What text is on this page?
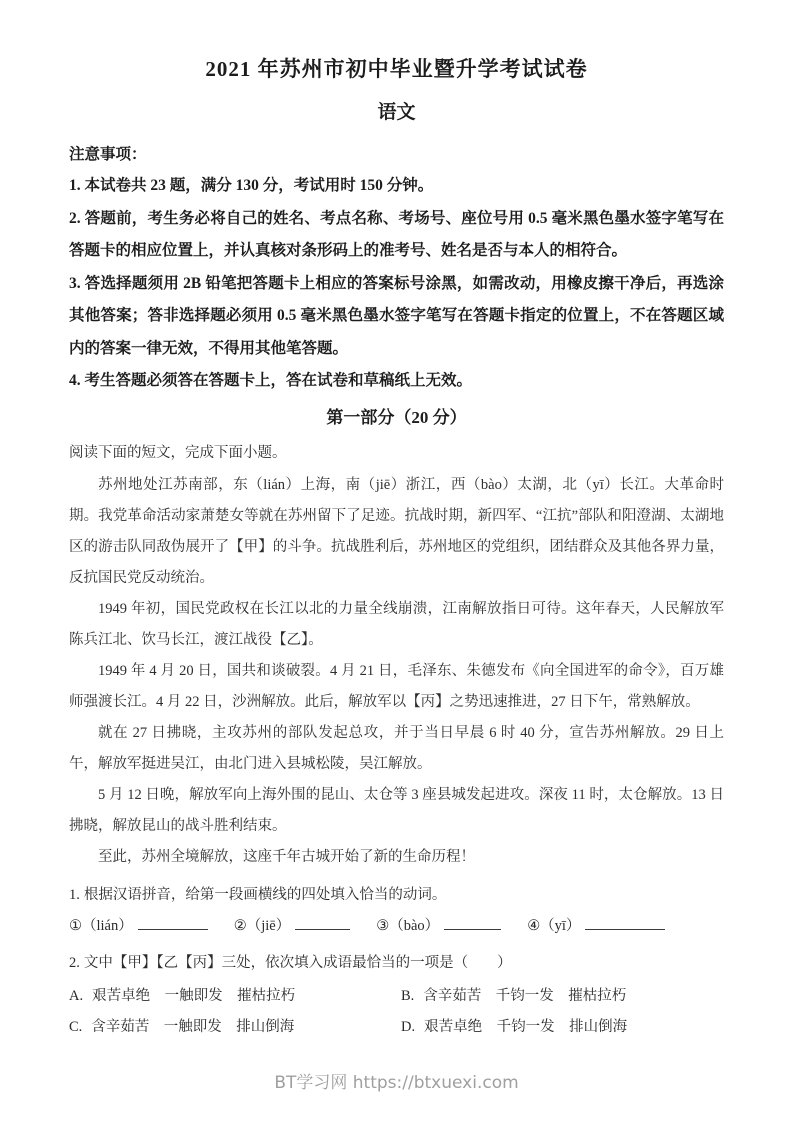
2021 年苏州市初中毕业暨升学考试试卷
语文
注意事项：

1. 本试卷共 23 题，满分 130 分，考试用时 150 分钟。

2. 答题前，考生务必将自己的姓名、考点名称、考场号、座位号用 0.5 毫米黑色墨水签字笔写在答题卡的相应位置上，并认真核对条形码上的准考号、姓名是否与本人的相符合。

3. 答选择题须用 2B 铅笔把答题卡上相应的答案标号涂黑，如需改动，用橡皮擦干净后，再选涂其他答案；答非选择题必须用 0.5 毫米黑色墨水签字笔写在答题卡指定的位置上，不在答题区域内的答案一律无效，不得用其他笔答题。

4. 考生答题必须答在答题卡上，答在试卷和草稿纸上无效。

第一部分（20 分）

阅读下面的短文，完成下面小题。

苏州地处江苏南部，东（lián）上海，南（jiē）浙江，西（bào）太湖，北（yī）长江。大革命时期。我党革命活动家萧楚女等就在苏州留下了足迹。抗战时期，新四军、“江抗”部队和阳澄湖、太湖地区的游击队同敌伪展开了【甲】的斗争。抗战胜利后，苏州地区的党组织，团结群众及其他各界力量，反抗国民党反动统治。

1949 年初，国民党政权在长江以北的力量全线崩溃，江南解放指日可待。这年春天，人民解放军陈兵江北、饮马长江，渡江战役【乙】。

1949 年 4 月 20 日，国共和谈破裂。4 月 21 日，毛泽东、朱德发布《向全国进军的命令》，百万雄师强渡长江。4 月 22 日，沙洲解放。此后，解放军以【丙】之势迅速推进，27 日下午，常熟解放。

就在 27 日拂晓，主攻苏州的部队发起总攻，并于当日早晨 6 时 40 分，宣告苏州解放。29 日上午，解放军挺进吴江，由北门进入县城松陵，吴江解放。

5 月 12 日晚，解放军向上海外围的昆山、太仓等 3 座县城发起进攻。深夜 11 时，太仓解放。13 日拂晓，解放昆山的战斗胜利结束。

至此，苏州全境解放，这座千年古城开始了新的生命历程！

1. 根据汉语拼音，给第一段画横线的四处填入恰当的动词。

①（lián）	②（jiē）	③（bào）	④（yī）

2. 文中【甲】【乙【丙】三处，依次填入成语最恰当的一项是（　　）

A. 艰苦卓绝　一触即发　摧枯拉朽	B. 含辛茹苦　千钧一发　摧枯拉朽
C. 含辛茹苦　一触即发　排山倒海	D. 艰苦卓绝　千钧一发　排山倒海
BT学习网 https://btxuexi.com
